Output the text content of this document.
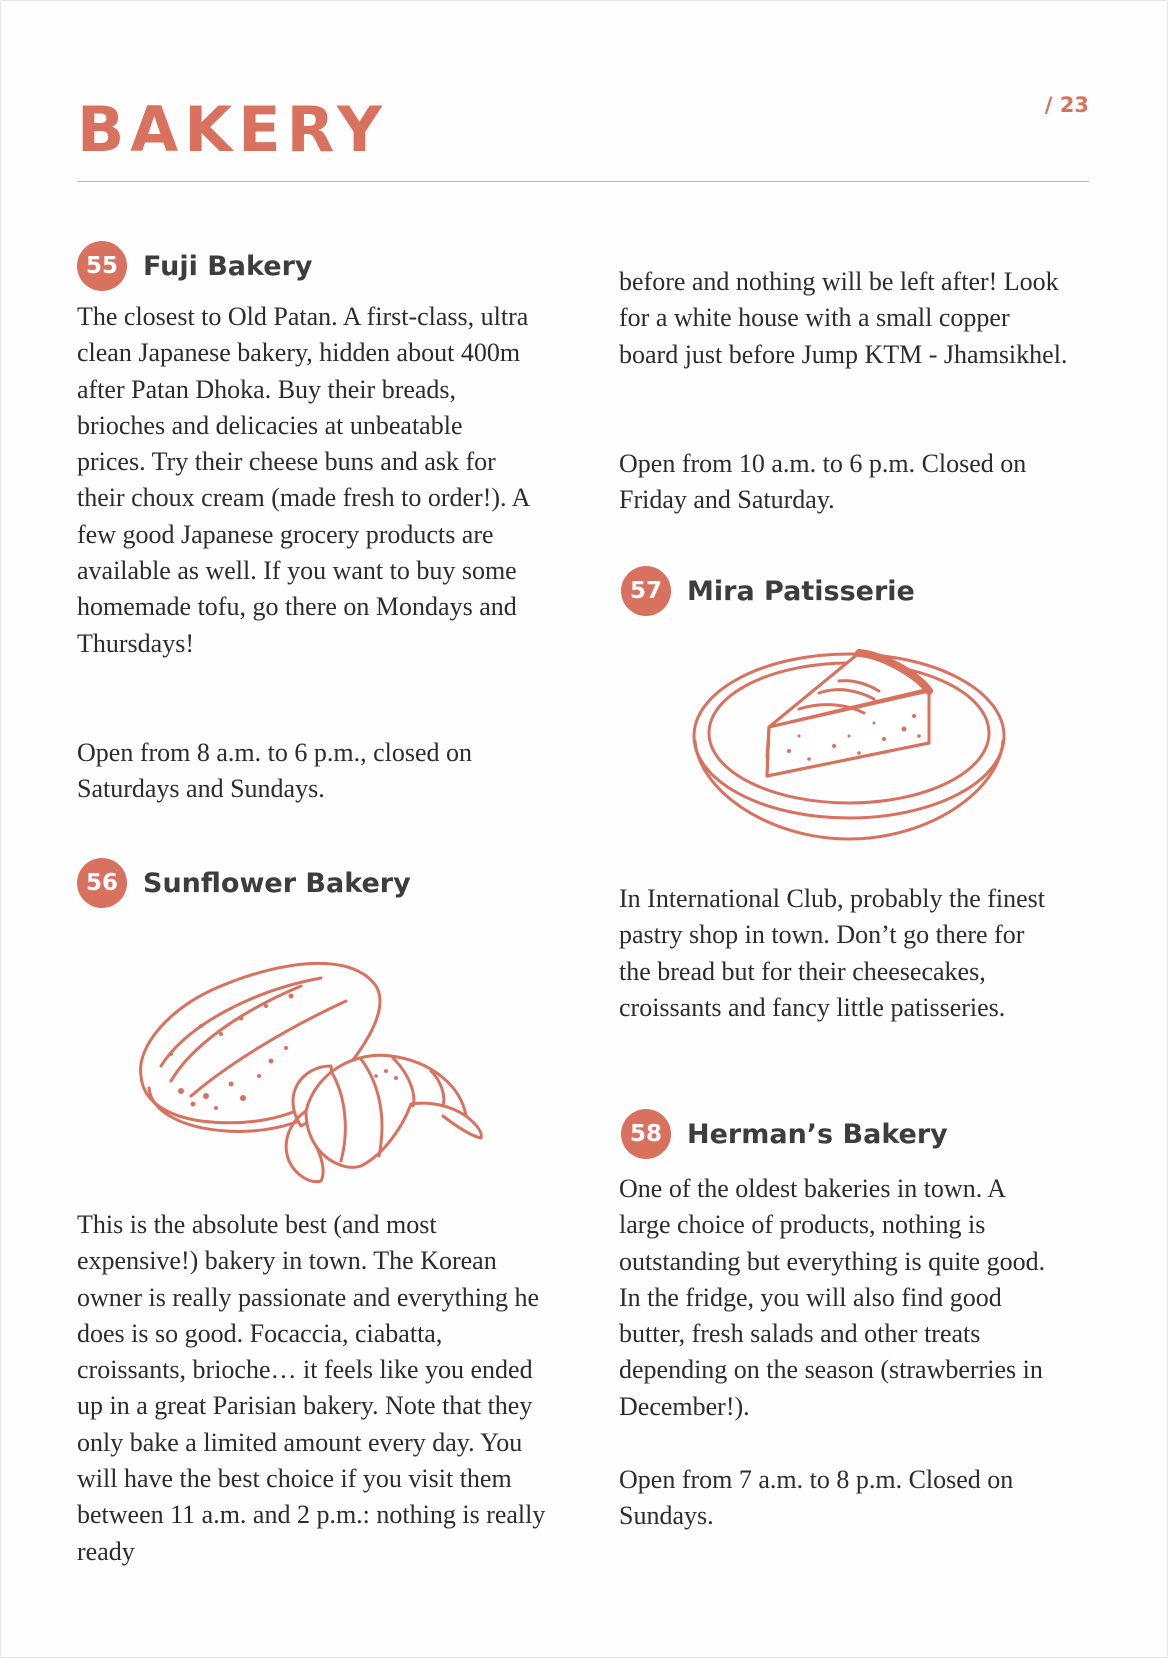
BAKERY	/ 23
55 Fuji Bakery

The closest to Old Patan. A first-class, ultra clean Japanese bakery, hidden about 400m after Patan Dhoka. Buy their breads, brioches and delicacies at unbeatable prices. Try their cheese buns and ask for their choux cream (made fresh to order!). A few good Japanese grocery products are available as well. If you want to buy some homemade tofu, go there on Mondays and Thursdays!

Open from 8 a.m. to 6 p.m., closed on Saturdays and Sundays.

56 Sunflower Bakery

This is the absolute best (and most expensive!) bakery in town. The Korean owner is really passionate and everything he does is so good. Focaccia, ciabatta, croissants, brioche… it feels like you ended up in a great Parisian bakery. Note that they only bake a limited amount every day. You will have the best choice if you visit them between 11 a.m. and 2 p.m.: nothing is really ready

before and nothing will be left after! Look for a white house with a small copper board just before Jump KTM - Jhamsikhel.

Open from 10 a.m. to 6 p.m. Closed on Friday and Saturday.

57 Mira Patisserie

In International Club, probably the finest pastry shop in town. Don’t go there for the bread but for their cheesecakes, croissants and fancy little patisseries.

58 Herman’s Bakery

One of the oldest bakeries in town. A large choice of products, nothing is outstanding but everything is quite good. In the fridge, you will also find good butter, fresh salads and other treats depending on the season (strawberries in December!).

Open from 7 a.m. to 8 p.m. Closed on Sundays.
